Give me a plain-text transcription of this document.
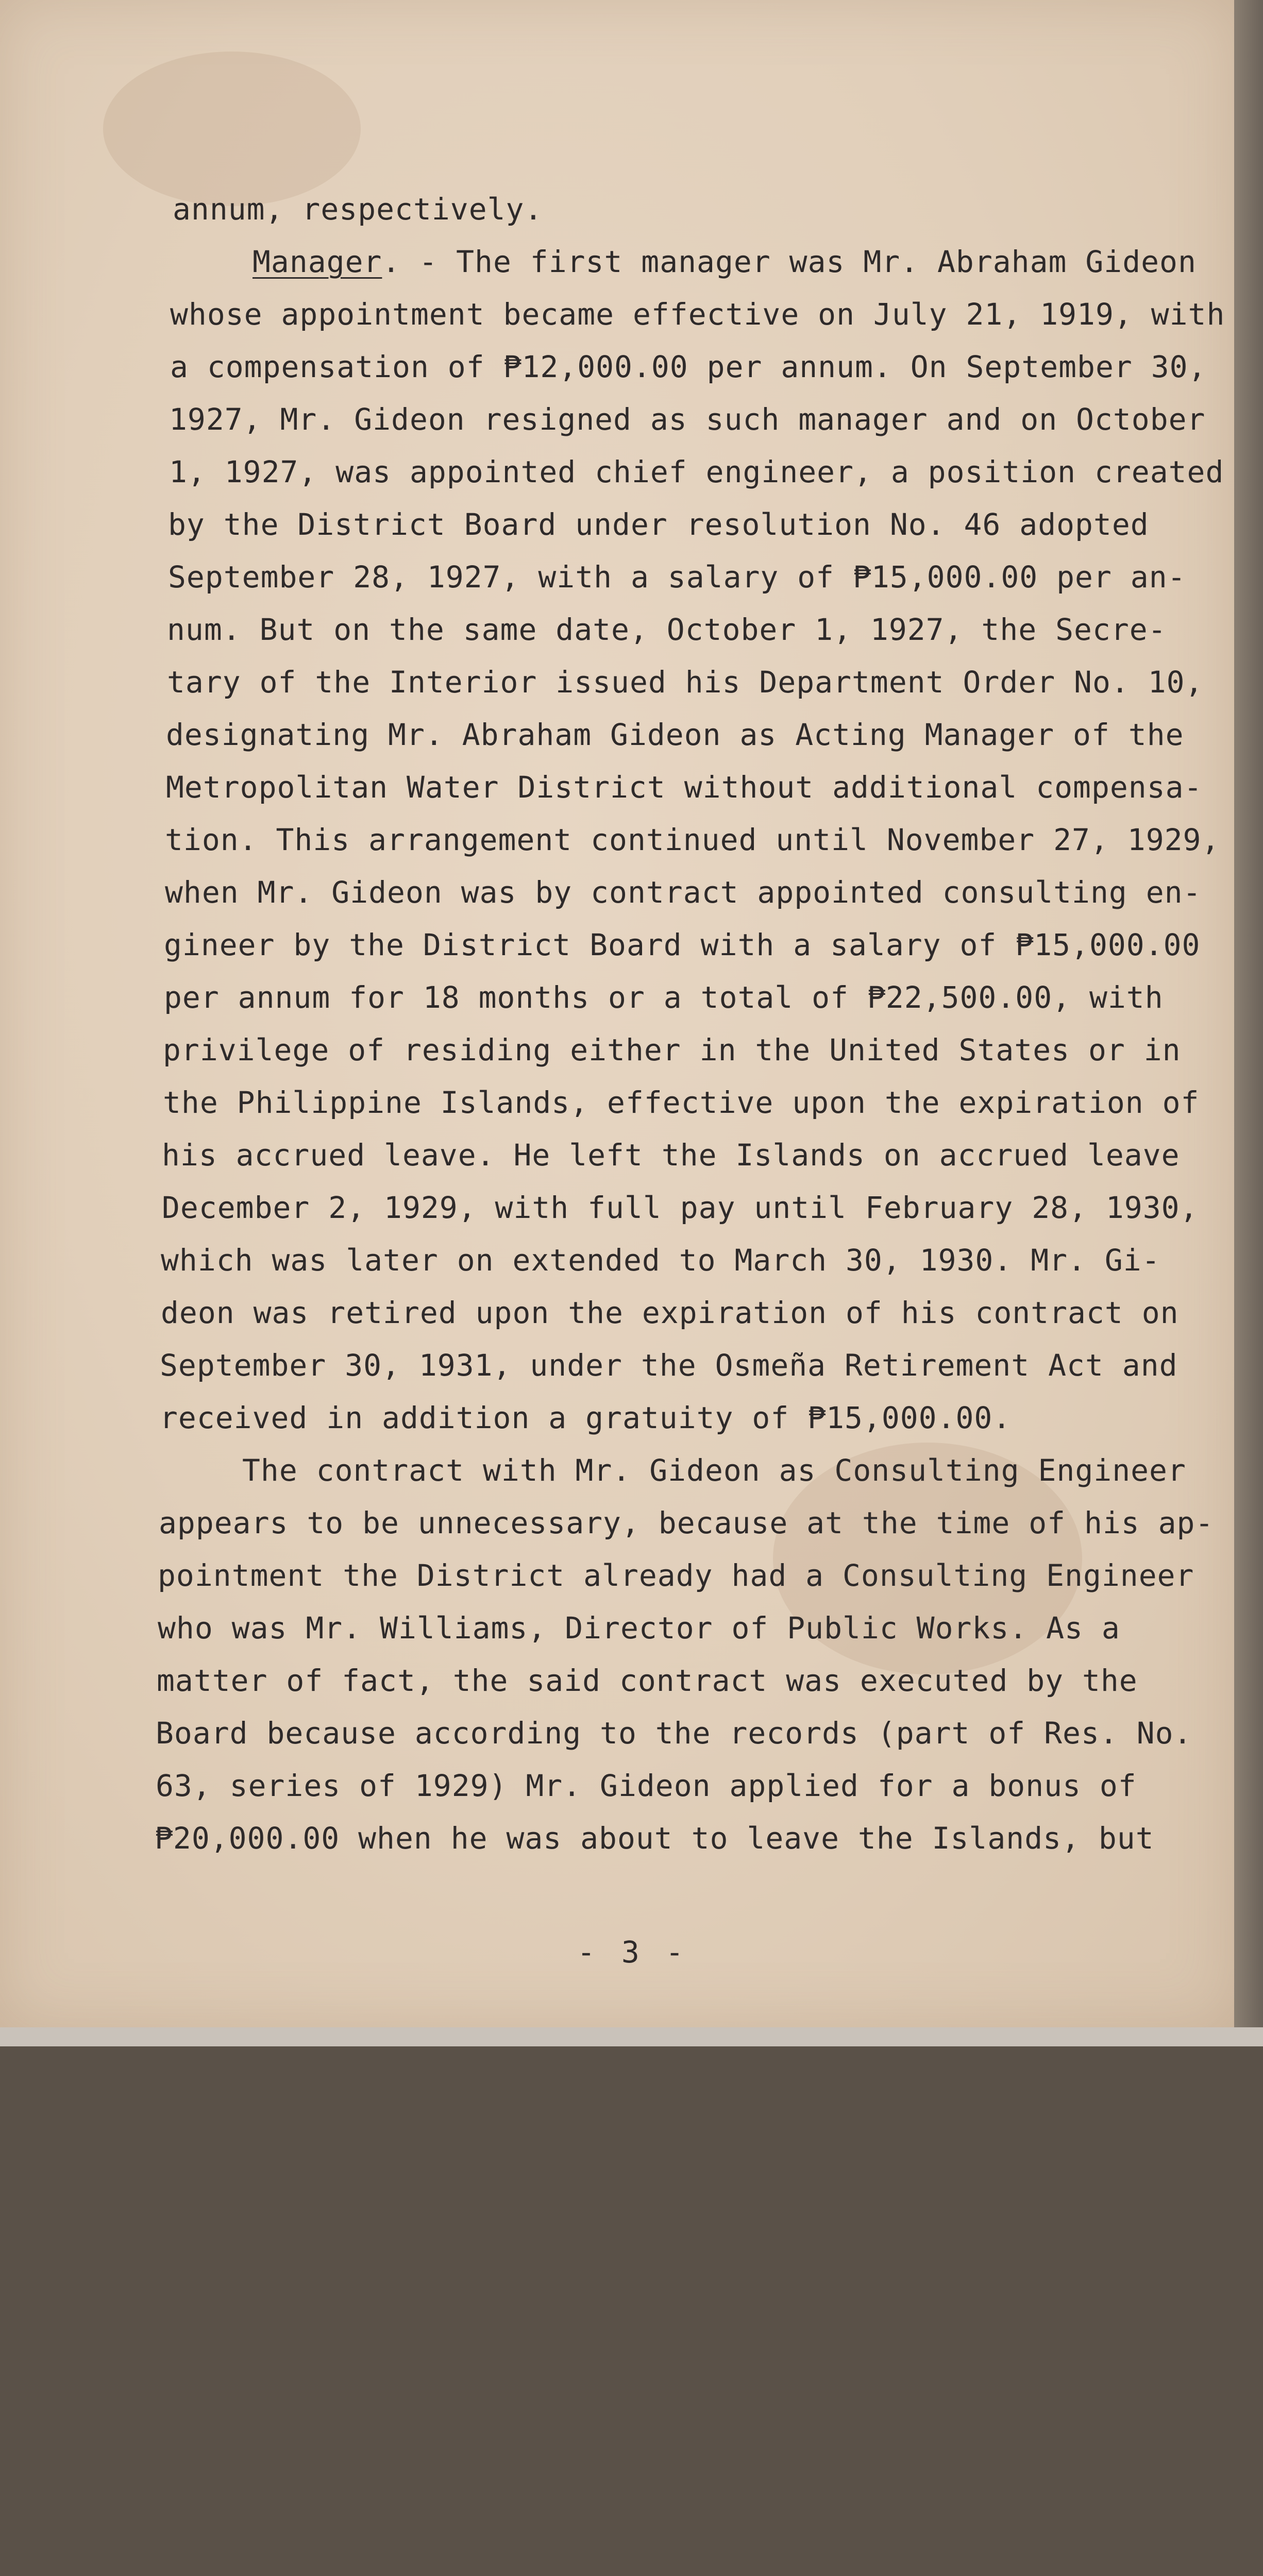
annum, respectively.
Manager. - The first manager was Mr. Abraham Gideon
whose appointment became effective on July 21, 1919, with
a compensation of ₱12,000.00 per annum. On September 30,
1927, Mr. Gideon resigned as such manager and on October
1, 1927, was appointed chief engineer, a position created
by the District Board under resolution No. 46 adopted
September 28, 1927, with a salary of ₱15,000.00 per an-
num. But on the same date, October 1, 1927, the Secre-
tary of the Interior issued his Department Order No. 10,
designating Mr. Abraham Gideon as Acting Manager of the
Metropolitan Water District without additional compensa-
tion. This arrangement continued until November 27, 1929,
when Mr. Gideon was by contract appointed consulting en-
gineer by the District Board with a salary of ₱15,000.00
per annum for 18 months or a total of ₱22,500.00, with
privilege of residing either in the United States or in
the Philippine Islands, effective upon the expiration of
his accrued leave. He left the Islands on accrued leave
December 2, 1929, with full pay until February 28, 1930,
which was later on extended to March 30, 1930. Mr. Gi-
deon was retired upon the expiration of his contract on
September 30, 1931, under the Osmeña Retirement Act and
received in addition a gratuity of ₱15,000.00.
The contract with Mr. Gideon as Consulting Engineer
appears to be unnecessary, because at the time of his ap-
pointment the District already had a Consulting Engineer
who was Mr. Williams, Director of Public Works. As a
matter of fact, the said contract was executed by the
Board because according to the records (part of Res. No.
63, series of 1929) Mr. Gideon applied for a bonus of
₱20,000.00 when he was about to leave the Islands, but
- 3 -
